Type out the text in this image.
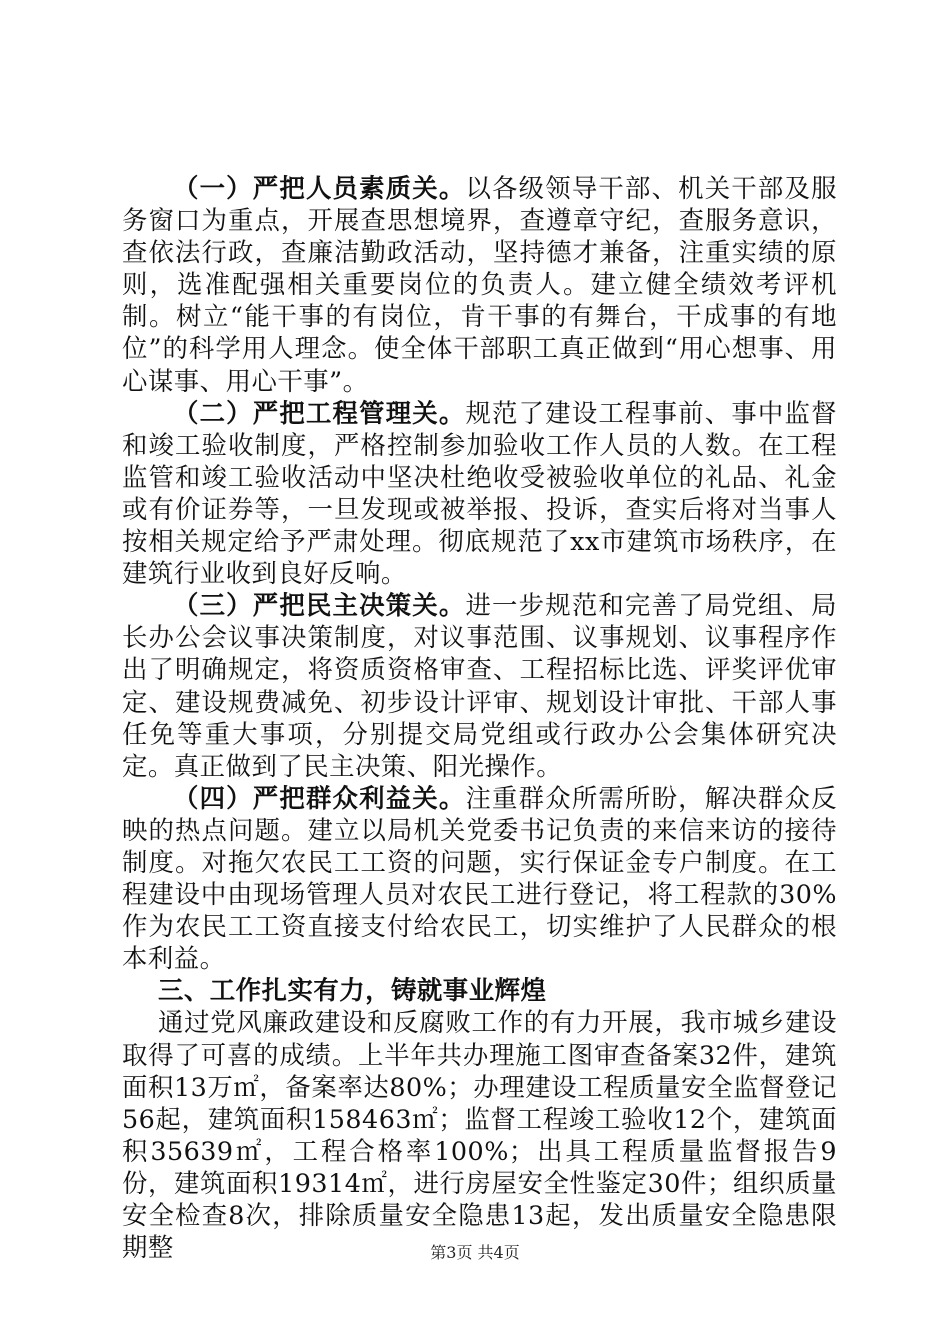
（一）严把人员素质关。以各级领导干部、机关干部及服务窗口为重点，开展查思想境界，查遵章守纪，查服务意识，查依法行政，查廉洁勤政活动，坚持德才兼备，注重实绩的原则，选准配强相关重要岗位的负责人。建立健全绩效考评机制。树立“能干事的有岗位，肯干事的有舞台，干成事的有地位”的科学用人理念。使全体干部职工真正做到“用心想事、用心谋事、用心干事”。

（二）严把工程管理关。规范了建设工程事前、事中监督和竣工验收制度，严格控制参加验收工作人员的人数。在工程监管和竣工验收活动中坚决杜绝收受被验收单位的礼品、礼金或有价证券等，一旦发现或被举报、投诉，查实后将对当事人按相关规定给予严肃处理。彻底规范了xx市建筑市场秩序，在建筑行业收到良好反响。

（三）严把民主决策关。进一步规范和完善了局党组、局长办公会议事决策制度，对议事范围、议事规划、议事程序作出了明确规定，将资质资格审查、工程招标比选、评奖评优审定、建设规费减免、初步设计评审、规划设计审批、干部人事任免等重大事项，分别提交局党组或行政办公会集体研究决定。真正做到了民主决策、阳光操作。

（四）严把群众利益关。注重群众所需所盼，解决群众反映的热点问题。建立以局机关党委书记负责的来信来访的接待制度。对拖欠农民工工资的问题，实行保证金专户制度。在工程建设中由现场管理人员对农民工进行登记，将工程款的30%作为农民工工资直接支付给农民工，切实维护了人民群众的根本利益。

三、工作扎实有力，铸就事业辉煌

通过党风廉政建设和反腐败工作的有力开展，我市城乡建设取得了可喜的成绩。上半年共办理施工图审查备案32件，建筑面积13万㎡，备案率达80%；办理建设工程质量安全监督登记56起，建筑面积158463㎡；监督工程竣工验收12个，建筑面积35639㎡，工程合格率100%；出具工程质量监督报告9份，建筑面积19314㎡，进行房屋安全性鉴定30件；组织质量安全检查8次，排除质量安全隐患13起，发出质量安全隐患限期整	第3页 共4页
